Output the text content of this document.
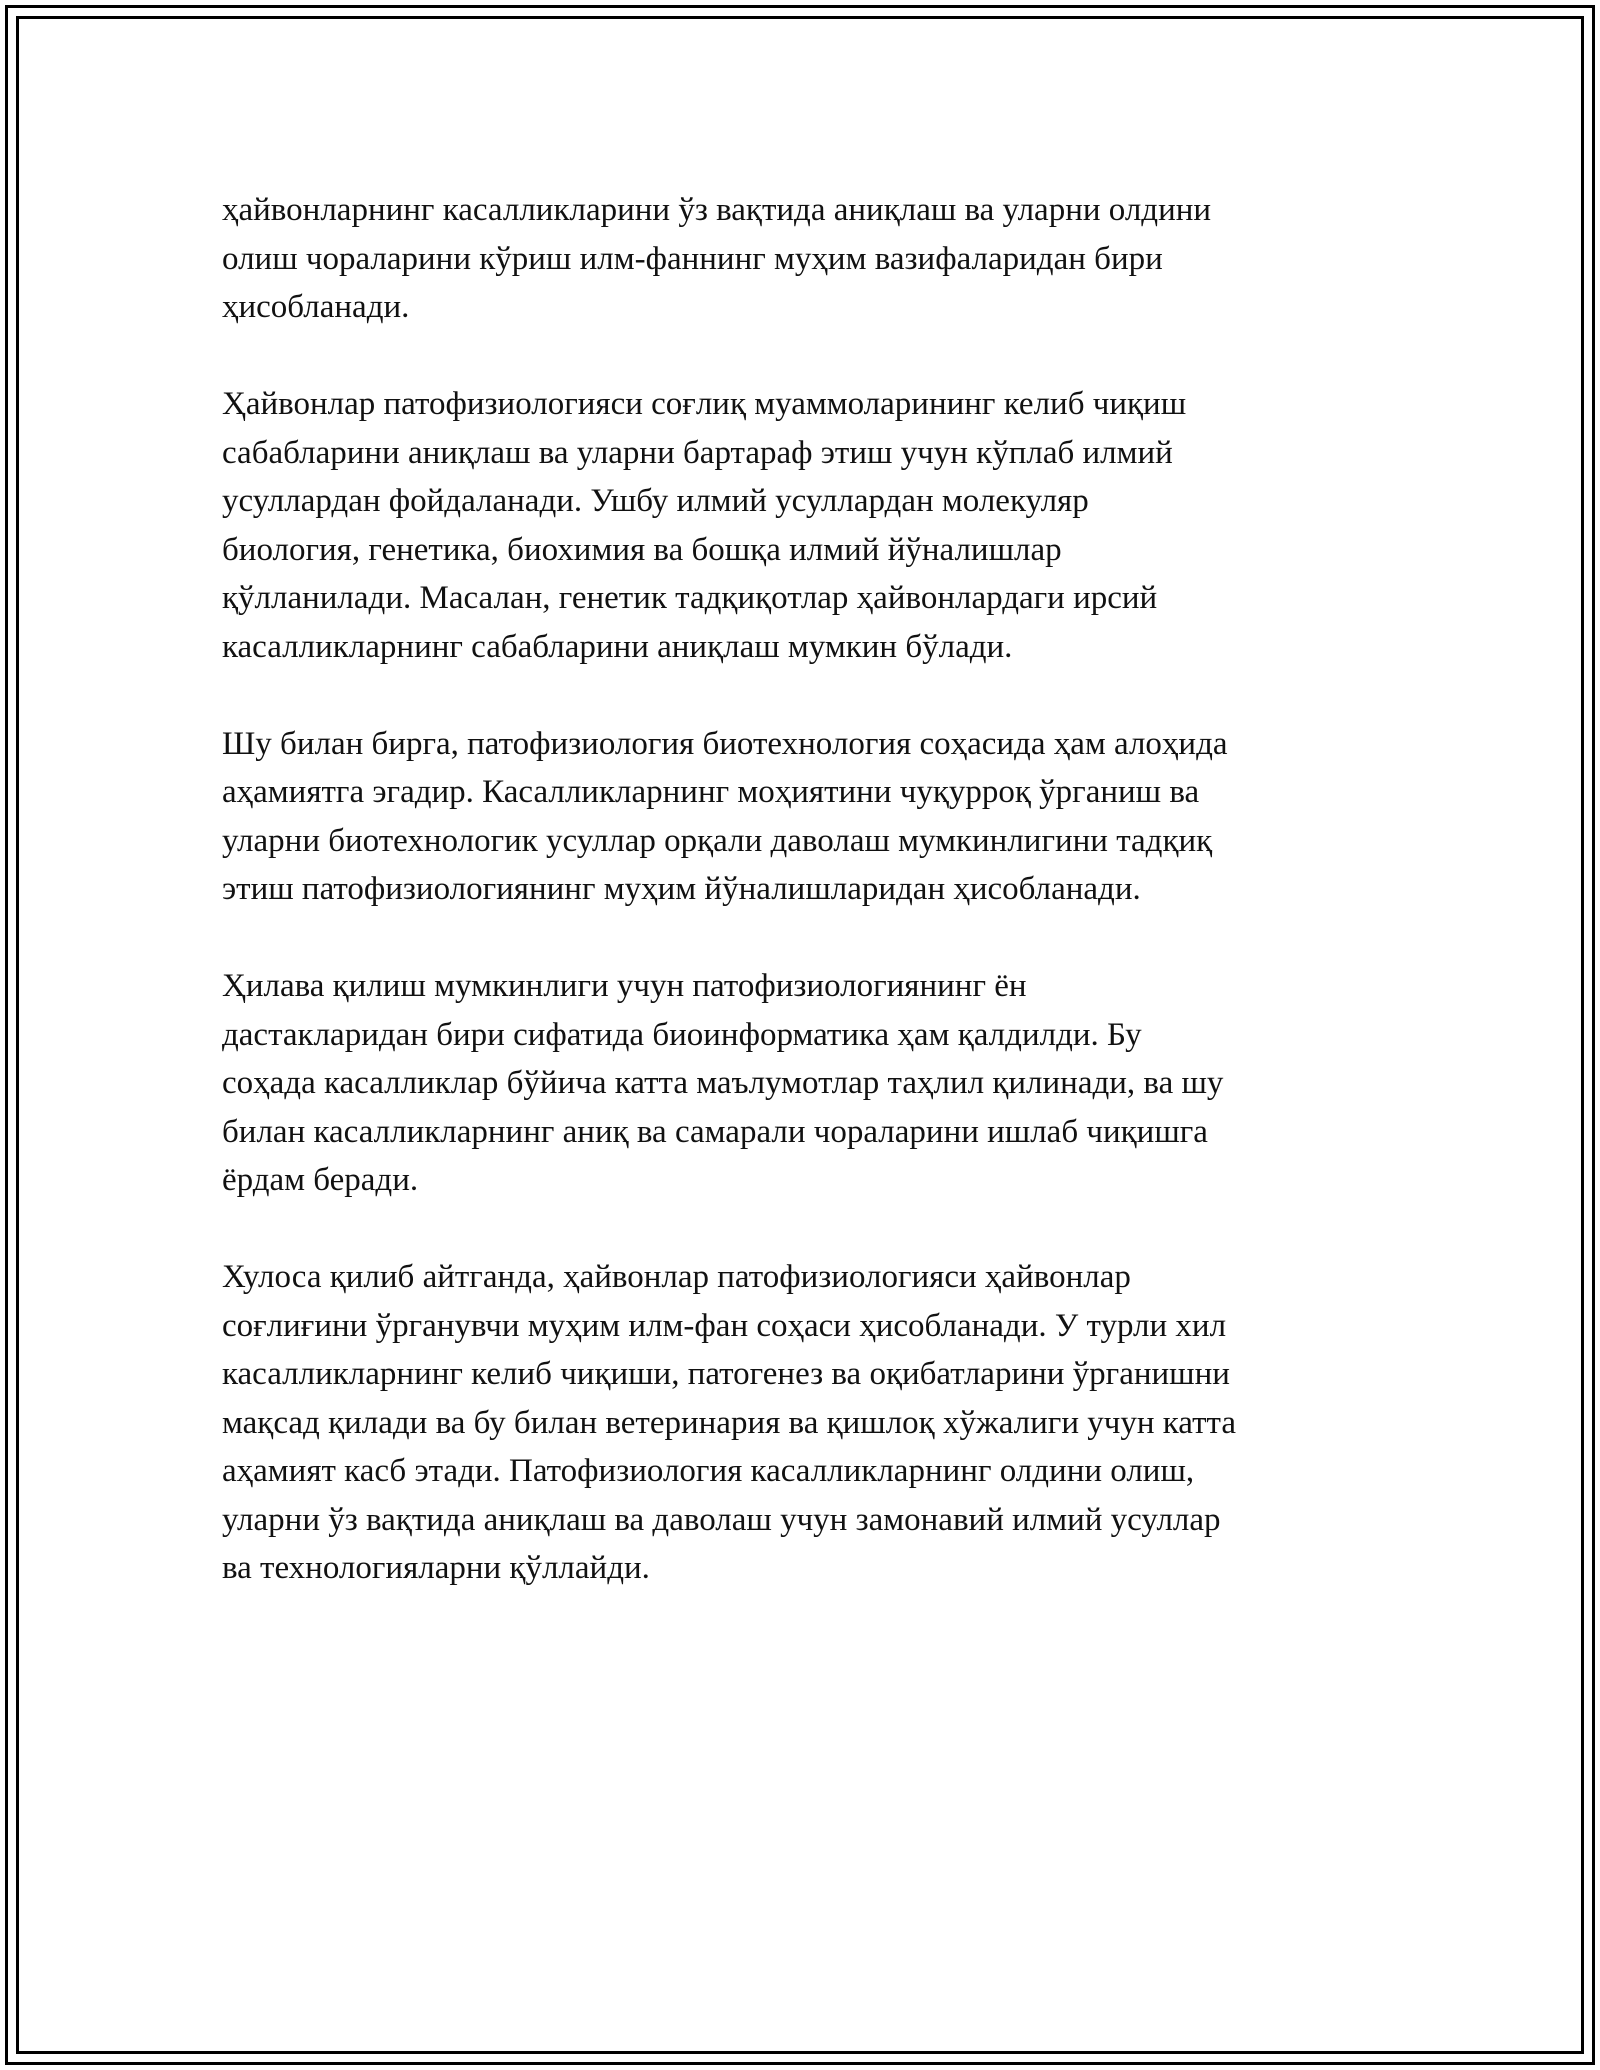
ҳайвонларнинг касалликларини ўз вақтида аниқлаш ва уларни олдини
олиш чораларини кўриш илм-фаннинг муҳим вазифаларидан бири
ҳисобланади.

Ҳайвонлар патофизиологияси соғлиқ муаммоларининг келиб чиқиш
сабабларини аниқлаш ва уларни бартараф этиш учун кўплаб илмий
усуллардан фойдаланади. Ушбу илмий усуллардан молекуляр
биология, генетика, биохимия ва бошқа илмий йўналишлар
қўлланилади. Масалан, генетик тадқиқотлар ҳайвонлардаги ирсий
касалликларнинг сабабларини аниқлаш мумкин бўлади.

Шу билан бирга, патофизиология биотехнология соҳасида ҳам алоҳида
аҳамиятга эгадир. Касалликларнинг моҳиятини чуқурроқ ўрганиш ва
уларни биотехнологик усуллар орқали даволаш мумкинлигини тадқиқ
этиш патофизиологиянинг муҳим йўналишларидан ҳисобланади.

Ҳилава қилиш мумкинлиги учун патофизиологиянинг ён
дастакларидан бири сифатида биоинформатика ҳам қалдилди. Бу
соҳада касалликлар бўйича катта маълумотлар таҳлил қилинади, ва шу
билан касалликларнинг аниқ ва самарали чораларини ишлаб чиқишга
ёрдам беради.

Хулоса қилиб айтганда, ҳайвонлар патофизиологияси ҳайвонлар
соғлиғини ўрганувчи муҳим илм-фан соҳаси ҳисобланади. У турли хил
касалликларнинг келиб чиқиши, патогенез ва оқибатларини ўрганишни
мақсад қилади ва бу билан ветеринария ва қишлоқ хўжалиги учун катта
аҳамият касб этади. Патофизиология касалликларнинг олдини олиш,
уларни ўз вақтида аниқлаш ва даволаш учун замонавий илмий усуллар
ва технологияларни қўллайди.
